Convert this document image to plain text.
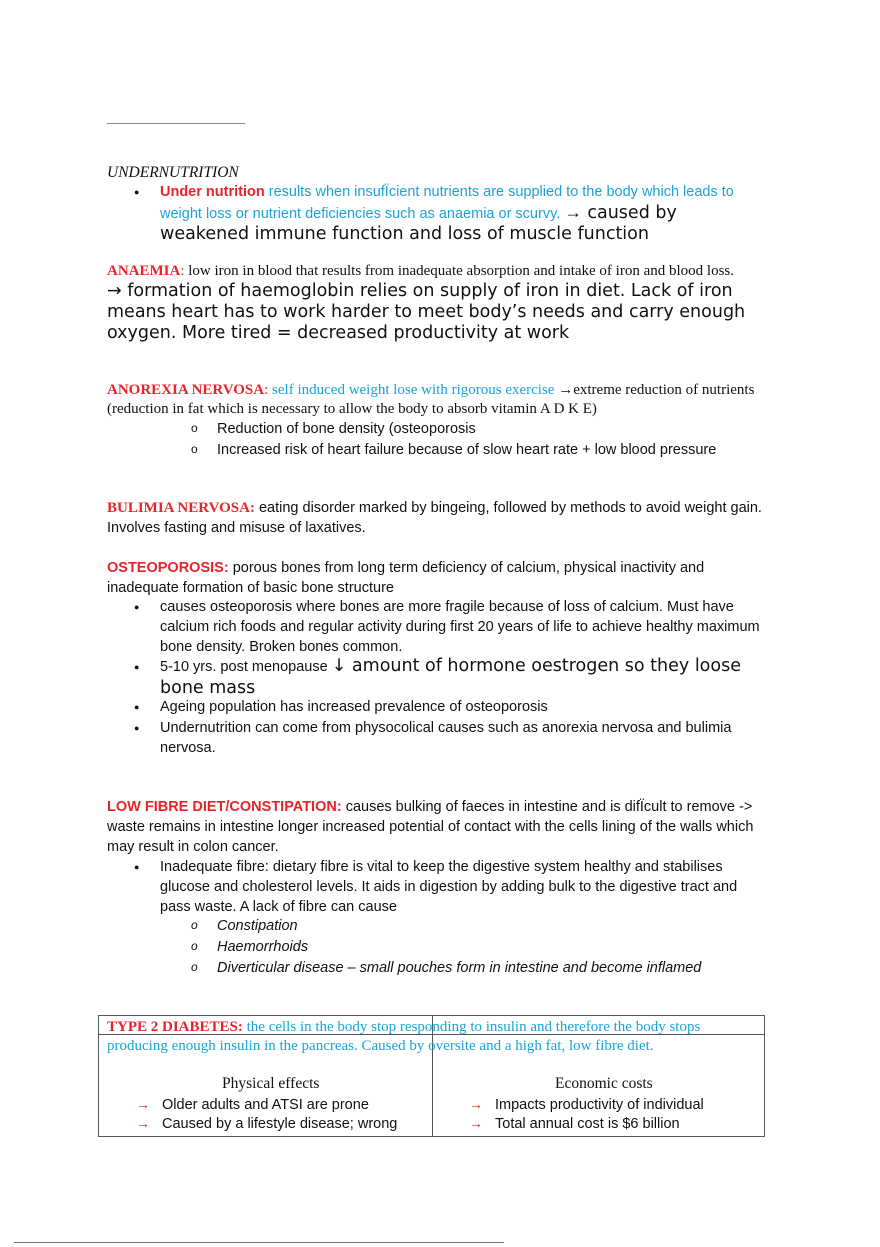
UNDERNUTRITION
● Under nutrition results when insufÏcient nutrients are supplied to the body which leads to weight loss or nutrient deficiencies such as anaemia or scurvy. → caused by weakened immune function and loss of muscle function
ANAEMIA: low iron in blood that results from inadequate absorption and intake of iron and blood loss.
→ formation of haemoglobin relies on supply of iron in diet. Lack of iron means heart has to work harder to meet body’s needs and carry enough oxygen. More tired = decreased productivity at work
ANOREXIA NERVOSA: self induced weight lose with rigorous exercise →extreme reduction of nutrients (reduction in fat which is necessary to allow the body to absorb vitamin A D K E)
o Reduction of bone density (osteoporosis
o Increased risk of heart failure because of slow heart rate + low blood pressure
BULIMIA NERVOSA: eating disorder marked by bingeing, followed by methods to avoid weight gain. Involves fasting and misuse of laxatives.
OSTEOPOROSIS: porous bones from long term deficiency of calcium, physical inactivity and inadequate formation of basic bone structure
● causes osteoporosis where bones are more fragile because of loss of calcium. Must have calcium rich foods and regular activity during first 20 years of life to achieve healthy maximum bone density. Broken bones common.
● 5-10 yrs. post menopause ↓ amount of hormone oestrogen so they loose bone mass
● Ageing population has increased prevalence of osteoporosis
● Undernutrition can come from physocolical causes such as anorexia nervosa and bulimia nervosa.
LOW FIBRE DIET/CONSTIPATION: causes bulking of faeces in intestine and is difÏcult to remove -> waste remains in intestine longer increased potential of contact with the cells lining of the walls which may result in colon cancer.
● Inadequate fibre: dietary fibre is vital to keep the digestive system healthy and stabilises glucose and cholesterol levels. It aids in digestion by adding bulk to the digestive tract and pass waste. A lack of fibre can cause
o Constipation
o Haemorrhoids
o Diverticular disease – small pouches form in intestine and become inflamed
TYPE 2 DIABETES: the cells in the body stop responding to insulin and therefore the body stops producing enough insulin in the pancreas. Caused by oversite and a high fat, low fibre diet.
Physical effects	Economic costs
→ Older adults and ATSI are prone
→ Caused by a lifestyle disease; wrong
→ Impacts productivity of individual
→ Total annual cost is $6 billion
